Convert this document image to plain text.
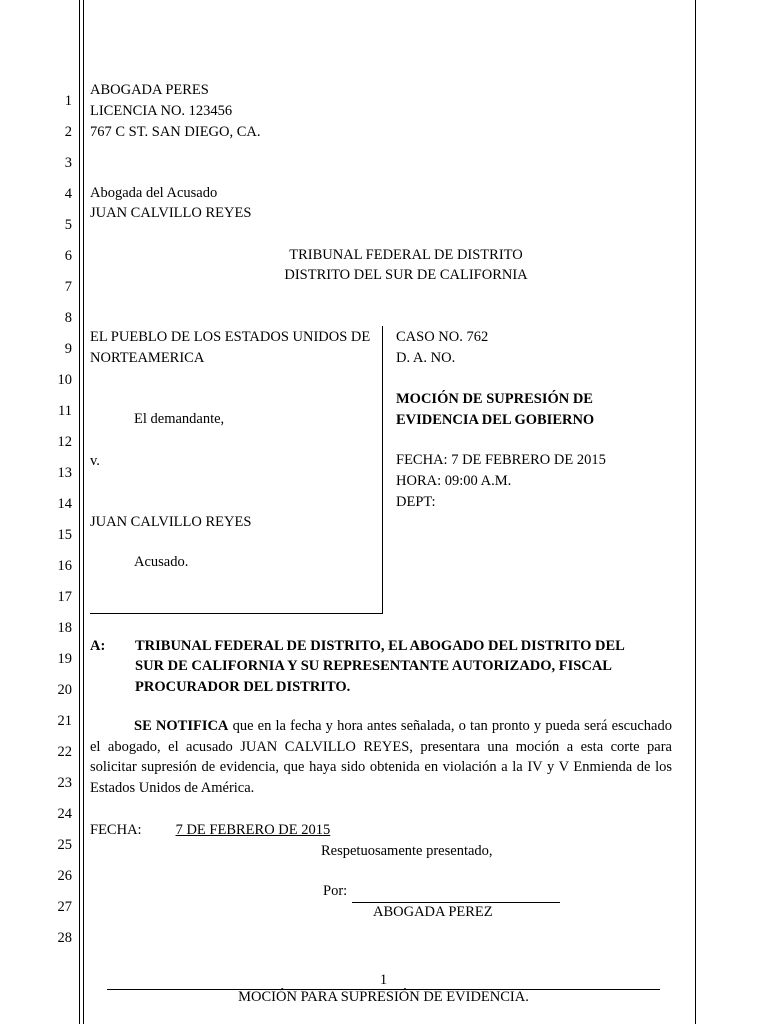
1
2
3
4
5
6
7
8
9
10
11
12
13
14
15
16
17
18
19
20
21
22
23
24
25
26
27
28
ABOGADA PERES
LICENCIA NO. 123456
767 C ST. SAN DIEGO, CA.
Abogada del Acusado
JUAN CALVILLO REYES
TRIBUNAL FEDERAL DE DISTRITO
DISTRITO DEL SUR DE CALIFORNIA
EL PUEBLO DE LOS ESTADOS UNIDOS DE
NORTEAMERICA
El demandante,
v.
JUAN CALVILLO REYES
Acusado.
CASO NO. 762
D. A. NO.
MOCIÓN DE SUPRESIÓN DE
EVIDENCIA DEL GOBIERNO
FECHA: 7 DE FEBRERO DE 2015
HORA: 09:00 A.M.
DEPT:
A: TRIBUNAL FEDERAL DE DISTRITO, EL ABOGADO DEL DISTRITO DEL
SUR DE CALIFORNIA Y SU REPRESENTANTE AUTORIZADO, FISCAL
PROCURADOR DEL DISTRITO.

SE NOTIFICA que en la fecha y hora antes señalada, o tan pronto y pueda será escuchado el abogado, el acusado JUAN CALVILLO REYES, presentara una moción a esta corte para solicitar supresión de evidencia, que haya sido obtenida en violación a la IV y V Enmienda de los Estados Unidos de América.

FECHA: 7 DE FEBRERO DE 2015
Respetuosamente presentado,
Por:
ABOGADA PEREZ
1
MOCIÓN PARA SUPRESIÓN DE EVIDENCIA.
